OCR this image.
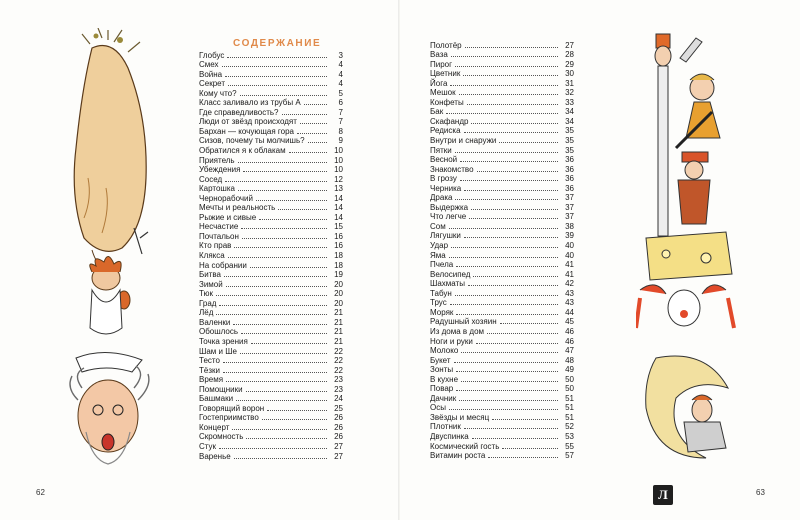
СОДЕРЖАНИЕ
Глобус	3
Смех	4
Война	4
Секрет	4
Кому что?	5
Класс заливало из трубы А	6
Где справедливость?	7
Люди от звёзд происходят	7
Бархан — кочующая гора	8
Сизов, почему ты молчишь?	9
Обратился я к облакам	10
Приятель	10
Убеждения	10
Сосед	12
Картошка	13
Чернорабочий	14
Мечты и реальность	14
Рыжие и сивые	14
Несчастие	15
Почтальон	16
Кто прав	16
Клякса	18
На собрании	18
Битва	19
Зимой	20
Тюк	20
Град	20
Лёд	21
Валенки	21
Обошлось	21
Точка зрения	21
Шам и Ше	22
Тесто	22
Тёзки	22
Время	23
Помощники	23
Башмаки	24
Говорящий ворон	25
Гостеприимство	26
Концерт	26
Скромность	26
Стук	27
Варенье	27
62
Полотёр	27
Ваза	28
Пирог	29
Цветник	30
Йога	31
Мешок	32
Конфеты	33
Бак	34
Скафандр	34
Редиска	35
Внутри и снаружи	35
Пятки	35
Весной	36
Знакомство	36
В грозу	36
Черника	36
Драка	37
Выдержка	37
Что легче	37
Сом	38
Лягушки	39
Удар	40
Яма	40
Пчела	41
Велосипед	41
Шахматы	42
Табун	43
Трус	43
Моряк	44
Радушный хозяин	45
Из дома в дом	46
Ноги и руки	46
Молоко	47
Букет	48
Зонты	49
В кухне	50
Повар	50
Дачник	51
Осы	51
Звёзды и месяц	51
Плотник	52
Двуспинка	53
Космический гость	55
Витамин роста	57
63
Л
